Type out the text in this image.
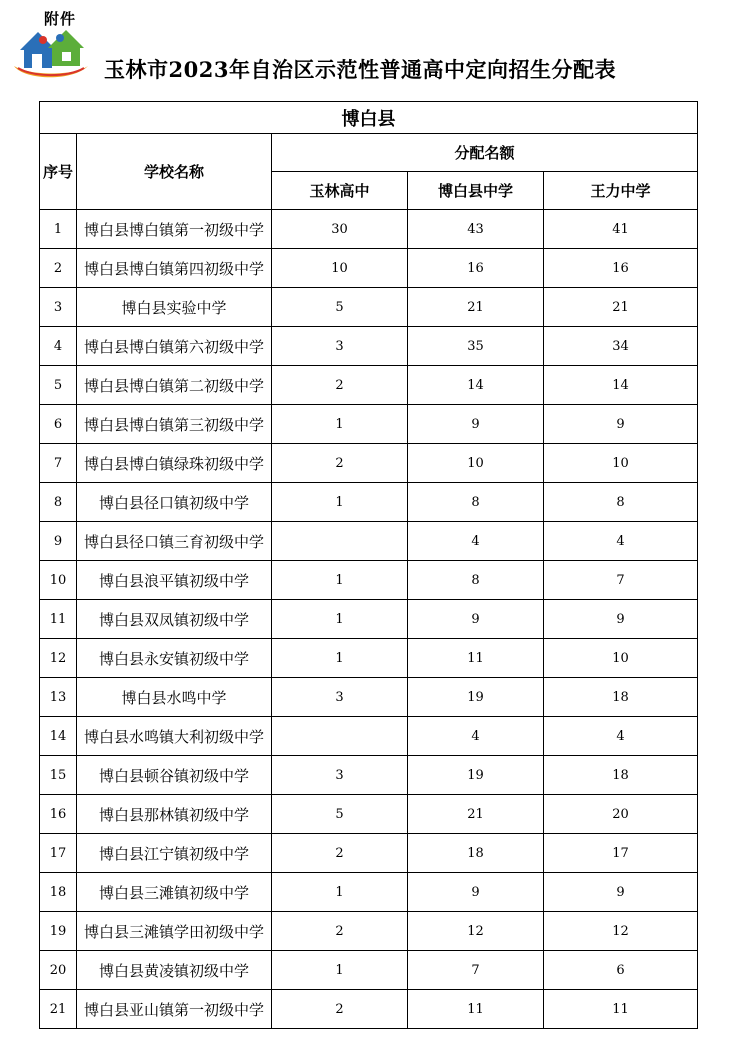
附件
玉林市2023年自治区示范性普通高中定向招生分配表
博白县				
序号	学校名称	分配名额		
		玉林高中	博白县中学	王力中学
1	博白县博白镇第一初级中学	30	43	41
2	博白县博白镇第四初级中学	10	16	16
3	博白县实验中学	5	21	21
4	博白县博白镇第六初级中学	3	35	34
5	博白县博白镇第二初级中学	2	14	14
6	博白县博白镇第三初级中学	1	9	9
7	博白县博白镇绿珠初级中学	2	10	10
8	博白县径口镇初级中学	1	8	8
9	博白县径口镇三育初级中学		4	4
10	博白县浪平镇初级中学	1	8	7
11	博白县双凤镇初级中学	1	9	9
12	博白县永安镇初级中学	1	11	10
13	博白县水鸣中学	3	19	18
14	博白县水鸣镇大利初级中学		4	4
15	博白县顿谷镇初级中学	3	19	18
16	博白县那林镇初级中学	5	21	20
17	博白县江宁镇初级中学	2	18	17
18	博白县三滩镇初级中学	1	9	9
19	博白县三滩镇学田初级中学	2	12	12
20	博白县黄凌镇初级中学	1	7	6
21	博白县亚山镇第一初级中学	2	11	11
